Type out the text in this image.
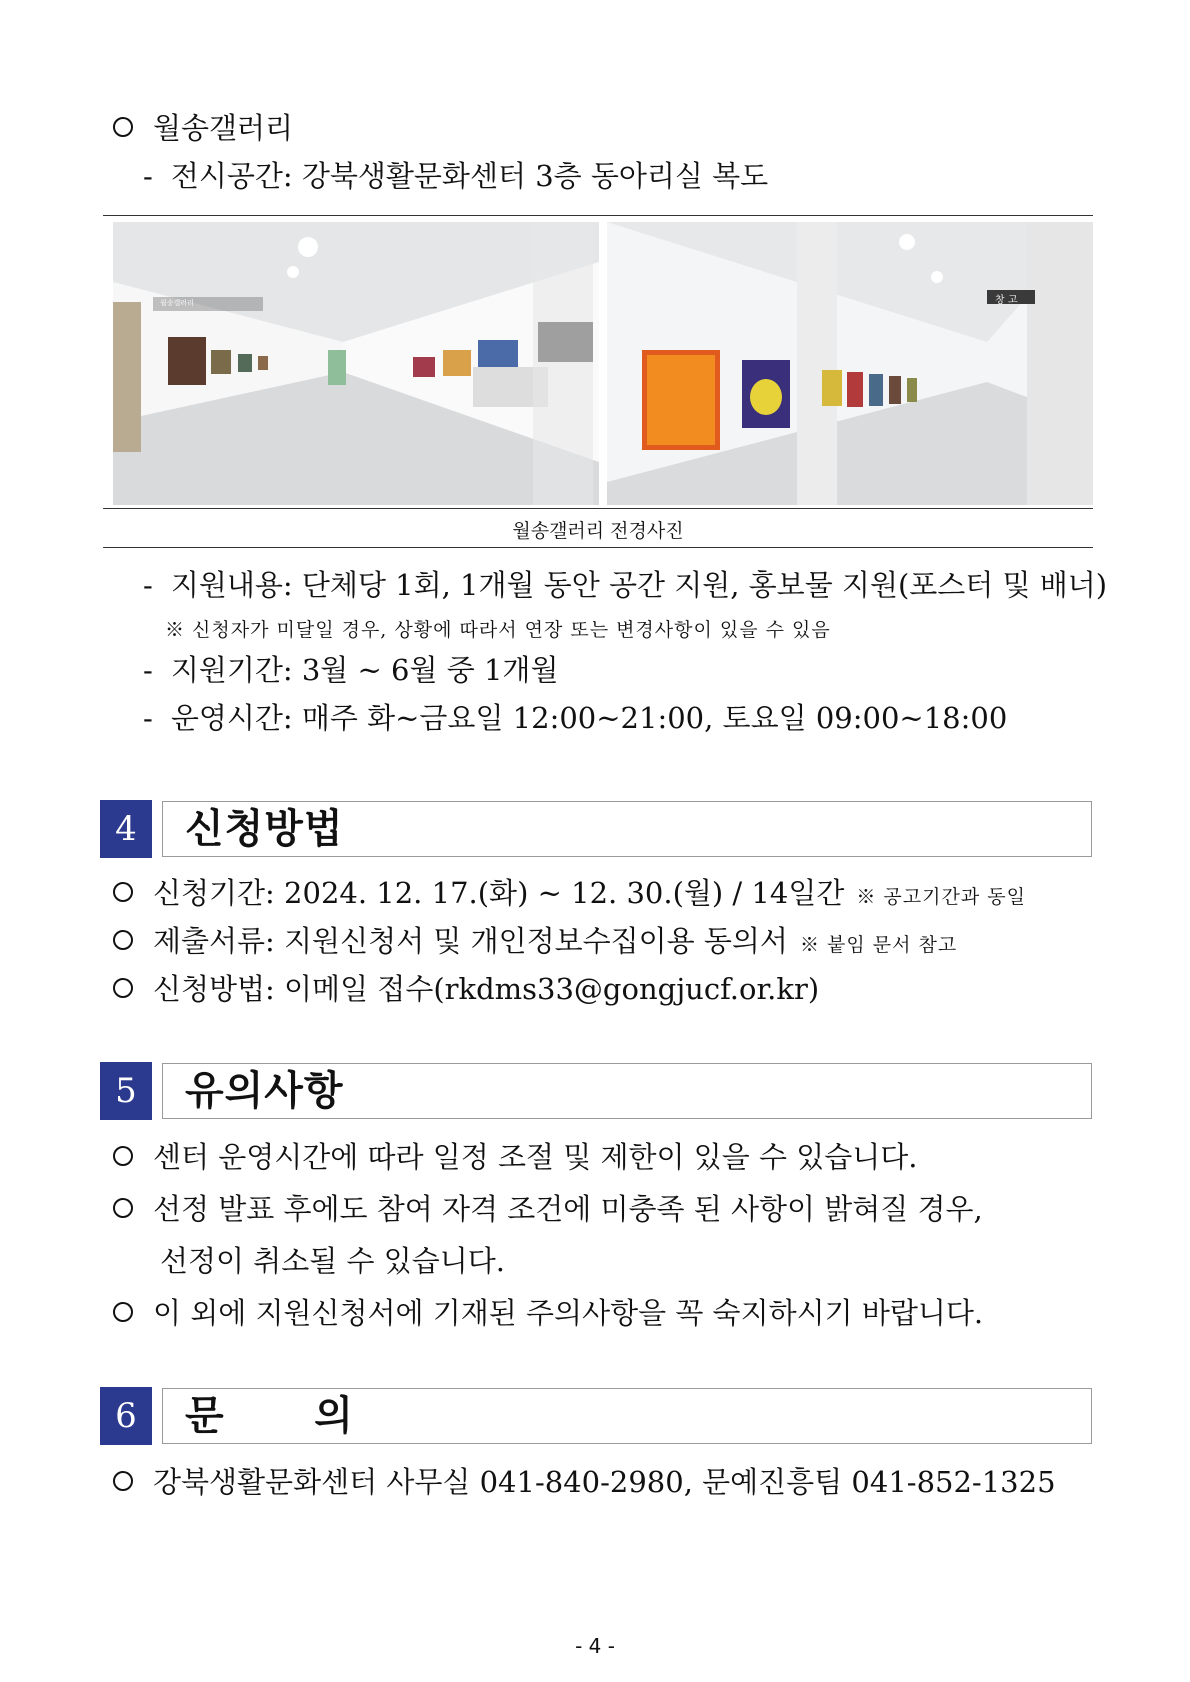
월송갤러리
- 전시공간: 강북생활문화센터 3층 동아리실 복도
창 고
월송갤러리
월송갤러리 전경사진
- 지원내용: 단체당 1회, 1개월 동안 공간 지원, 홍보물 지원(포스터 및 배너)
※ 신청자가 미달일 경우, 상황에 따라서 연장 또는 변경사항이 있을 수 있음
- 지원기간: 3월 ~ 6월 중 1개월
- 운영시간: 매주 화~금요일 12:00~21:00, 토요일 09:00~18:00
4	신청방법
신청기간: 2024. 12. 17.(화) ~ 12. 30.(월) / 14일간 ※ 공고기간과 동일
제출서류: 지원신청서 및 개인정보수집이용 동의서 ※ 붙임 문서 참고
신청방법: 이메일 접수(rkdms33@gongjucf.or.kr)
5	유의사항
센터 운영시간에 따라 일정 조절 및 제한이 있을 수 있습니다.
선정 발표 후에도 참여 자격 조건에 미충족 된 사항이 밝혀질 경우,
선정이 취소될 수 있습니다.
이 외에 지원신청서에 기재된 주의사항을 꼭 숙지하시기 바랍니다.
6	문      의
강북생활문화센터 사무실 041-840-2980, 문예진흥팀 041-852-1325
- 4 -
